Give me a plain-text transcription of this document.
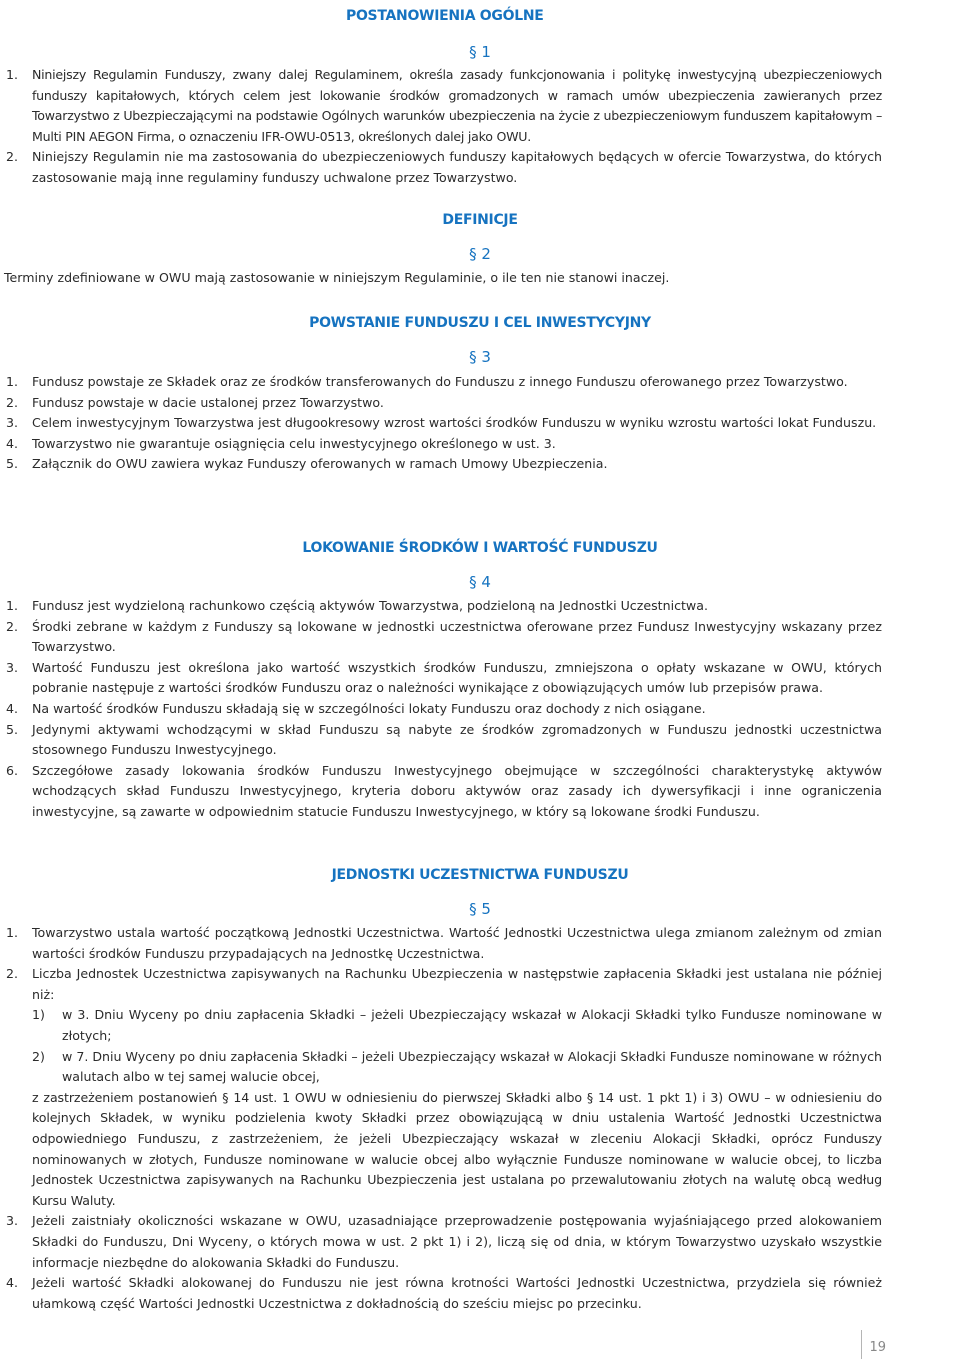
POSTANOWIENIA OGÓLNE

§ 1

1. Niniejszy Regulamin Funduszy, zwany dalej Regulaminem, określa zasady funkcjonowania i politykę inwestycyjną ubezpieczeniowych funduszy kapitałowych, których celem jest lokowanie środków gromadzonych w ramach umów ubezpieczenia zawieranych przez Towarzystwo z Ubezpieczającymi na podstawie Ogólnych warunków ubezpieczenia na życie z ubezpieczeniowym funduszem kapitałowym – Multi PIN AEGON Firma, o oznaczeniu IFR-OWU-0513, określonych dalej jako OWU.
2. Niniejszy Regulamin nie ma zastosowania do ubezpieczeniowych funduszy kapitałowych będących w ofercie Towarzystwa, do których zastosowanie mają inne regulaminy funduszy uchwalone przez Towarzystwo.

DEFINICJE

§ 2

Terminy zdefiniowane w OWU mają zastosowanie w niniejszym Regulaminie, o ile ten nie stanowi inaczej.

POWSTANIE FUNDUSZU I CEL INWESTYCYJNY

§ 3

1. Fundusz powstaje ze Składek oraz ze środków transferowanych do Funduszu z innego Funduszu oferowanego przez Towarzystwo.
2. Fundusz powstaje w dacie ustalonej przez Towarzystwo.
3. Celem inwestycyjnym Towarzystwa jest długookresowy wzrost wartości środków Funduszu w wyniku wzrostu wartości lokat Funduszu.
4. Towarzystwo nie gwarantuje osiągnięcia celu inwestycyjnego określonego w ust. 3.
5. Załącznik do OWU zawiera wykaz Funduszy oferowanych w ramach Umowy Ubezpieczenia.

LOKOWANIE ŚRODKÓW I WARTOŚĆ FUNDUSZU

§ 4

1. Fundusz jest wydzieloną rachunkowo częścią aktywów Towarzystwa, podzieloną na Jednostki Uczestnictwa.
2. Środki zebrane w każdym z Funduszy są lokowane w jednostki uczestnictwa oferowane przez Fundusz Inwestycyjny wskazany przez Towarzystwo.
3. Wartość Funduszu jest określona jako wartość wszystkich środków Funduszu, zmniejszona o opłaty wskazane w OWU, których pobranie następuje z wartości środków Funduszu oraz o należności wynikające z obowiązujących umów lub przepisów prawa.
4. Na wartość środków Funduszu składają się w szczególności lokaty Funduszu oraz dochody z nich osiągane.
5. Jedynymi aktywami wchodzącymi w skład Funduszu są nabyte ze środków zgromadzonych w Funduszu jednostki uczestnictwa stosownego Funduszu Inwestycyjnego.
6. Szczegółowe zasady lokowania środków Funduszu Inwestycyjnego obejmujące w szczególności charakterystykę aktywów wchodzących skład Funduszu Inwestycyjnego, kryteria doboru aktywów oraz zasady ich dywersyfikacji i inne ograniczenia inwestycyjne, są zawarte w odpowiednim statucie Funduszu Inwestycyjnego, w który są lokowane środki Funduszu.

JEDNOSTKI UCZESTNICTWA FUNDUSZU

§ 5

1. Towarzystwo ustala wartość początkową Jednostki Uczestnictwa. Wartość Jednostki Uczestnictwa ulega zmianom zależnym od zmian wartości środków Funduszu przypadających na Jednostkę Uczestnictwa.
2. Liczba Jednostek Uczestnictwa zapisywanych na Rachunku Ubezpieczenia w następstwie zapłacenia Składki jest ustalana nie później niż:
1) w 3. Dniu Wyceny po dniu zapłacenia Składki – jeżeli Ubezpieczający wskazał w Alokacji Składki tylko Fundusze nominowane w złotych;
2) w 7. Dniu Wyceny po dniu zapłacenia Składki – jeżeli Ubezpieczający wskazał w Alokacji Składki Fundusze nominowane w różnych walutach albo w tej samej walucie obcej,
z zastrzeżeniem postanowień § 14 ust. 1 OWU w odniesieniu do pierwszej Składki albo § 14 ust. 1 pkt 1) i 3) OWU – w odniesieniu do kolejnych Składek, w wyniku podzielenia kwoty Składki przez obowiązującą w dniu ustalenia Wartość Jednostki Uczestnictwa odpowiedniego Funduszu, z zastrzeżeniem, że jeżeli Ubezpieczający wskazał w zleceniu Alokacji Składki, oprócz Funduszy nominowanych w złotych, Fundusze nominowane w walucie obcej albo wyłącznie Fundusze nominowane w walucie obcej, to liczba Jednostek Uczestnictwa zapisywanych na Rachunku Ubezpieczenia jest ustalana po przewalutowaniu złotych na walutę obcą według Kursu Waluty.
3. Jeżeli zaistniały okoliczności wskazane w OWU, uzasadniające przeprowadzenie postępowania wyjaśniającego przed alokowaniem Składki do Funduszu, Dni Wyceny, o których mowa w ust. 2 pkt 1) i 2), liczą się od dnia, w którym Towarzystwo uzyskało wszystkie informacje niezbędne do alokowania Składki do Funduszu.
4. Jeżeli wartość Składki alokowanej do Funduszu nie jest równa krotności Wartości Jednostki Uczestnictwa, przydziela się również ułamkową część Wartości Jednostki Uczestnictwa z dokładnością do sześciu miejsc po przecinku.
19
